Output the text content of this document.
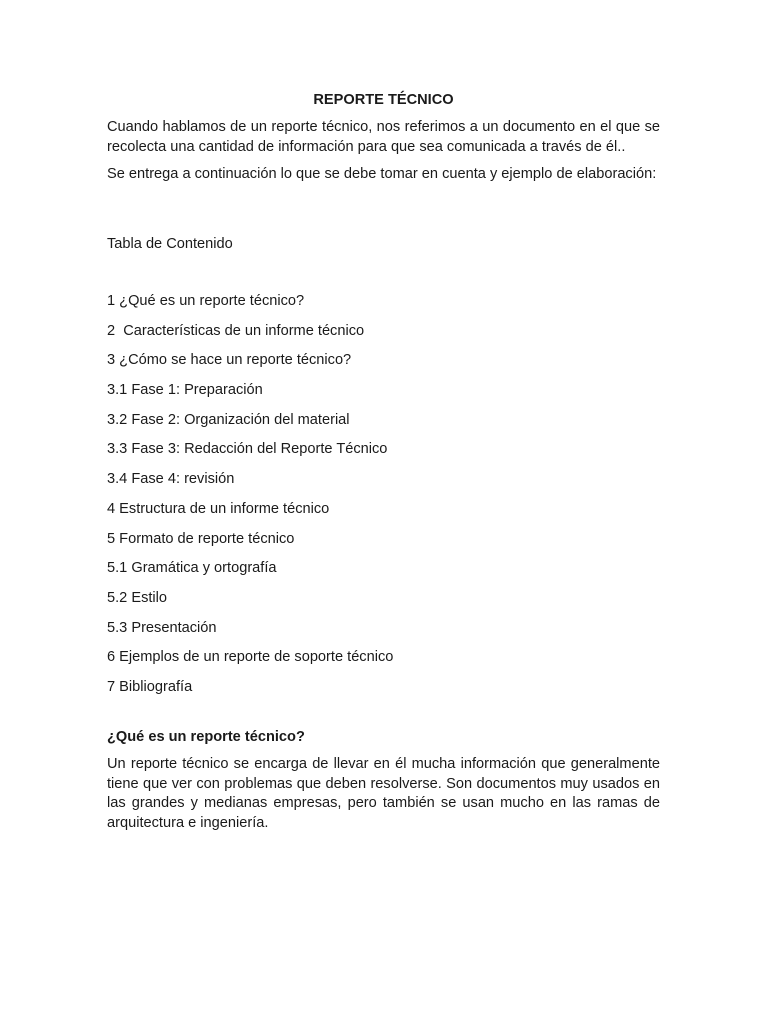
REPORTE TÉCNICO

Cuando hablamos de un reporte técnico, nos referimos a un documento en el que se recolecta una cantidad de información para que sea comunicada a través de él..

Se entrega a continuación lo que se debe tomar en cuenta y ejemplo de elaboración:

Tabla de Contenido
1 ¿Qué es un reporte técnico?
2  Características de un informe técnico
3 ¿Cómo se hace un reporte técnico?
3.1 Fase 1: Preparación
3.2 Fase 2: Organización del material
3.3 Fase 3: Redacción del Reporte Técnico
3.4 Fase 4: revisión
4 Estructura de un informe técnico
5 Formato de reporte técnico
5.1 Gramática y ortografía
5.2 Estilo
5.3 Presentación
6 Ejemplos de un reporte de soporte técnico
7 Bibliografía
¿Qué es un reporte técnico?

Un reporte técnico se encarga de llevar en él mucha información que generalmente tiene que ver con problemas que deben resolverse. Son documentos muy usados en las grandes y medianas empresas, pero también se usan mucho en las ramas de arquitectura e ingeniería.
